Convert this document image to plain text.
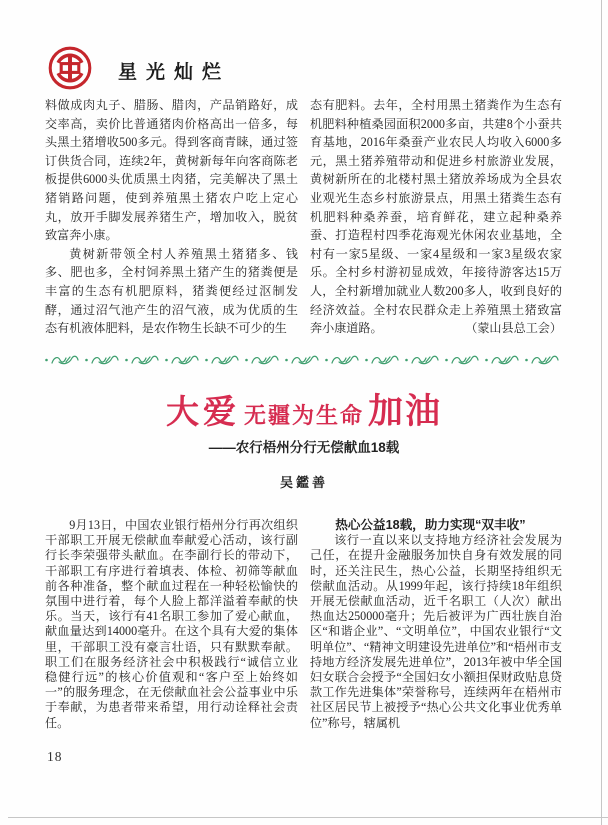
星光灿烂

料做成肉丸子、腊肠、腊肉，产品销路好，成交率高，卖价比普通猪肉价格高出一倍多，每头黑土猪增收500多元。得到客商青睐，通过签订供货合同，连续2年，黄树新每年向客商陈老板提供6000头优质黑土肉猪，完美解决了黑土猪销路问题，使到养殖黑土猪农户吃上定心丸，放开手脚发展养猪生产，增加收入，脱贫致富奔小康。

黄树新带领全村人养殖黑土猪猪多、钱多、肥也多，全村饲养黑土猪产生的猪粪便是丰富的生态有机肥原料，猪粪便经过沤制发酵，通过沼气池产生的沼气液，成为优质的生态有机液体肥料，是农作物生长缺不可少的生

态有肥料。去年，全村用黑土猪粪作为生态有机肥料种植桑园面积2000多亩，共建8个小蚕共育基地，2016年桑蚕产业农民人均收入6000多元，黑土猪养殖带动和促进乡村旅游业发展，黄树新所在的北楼村黑土猪放养场成为全县农业观光生态乡村旅游景点，用黑土猪粪生态有机肥料种桑养蚕，培育鲜花，建立起种桑养蚕、打造程村四季花海观光休闲农业基地，全村有一家5星级、一家4星级和一家3星级农家乐。全村乡村游初显成效，年接待游客达15万人，全村新增加就业人数200多人，收到良好的经济效益。全村农民群众走上养殖黑土猪致富奔小康道路。	（蒙山县总工会）

大爱 无疆为生命 加油
——农行梧州分行无偿献血18载
吴鑑善

9月13日，中国农业银行梧州分行再次组织干部职工开展无偿献血奉献爱心活动，该行副行长李荣强带头献血。在李副行长的带动下，干部职工有序进行着填表、体检、初筛等献血前各种准备，整个献血过程在一种轻松愉快的氛围中进行着，每个人脸上都洋溢着奉献的快乐。当天，该行有41名职工参加了爱心献血，献血量达到14000毫升。在这个具有大爱的集体里，干部职工没有豪言壮语，只有默默奉献。职工们在服务经济社会中积极践行“诚信立业　稳健行远”的核心价值观和“客户至上始终如一”的服务理念，在无偿献血社会公益事业中乐于奉献，为患者带来希望，用行动诠释社会责任。

热心公益18载，助力实现“双丰收”

该行一直以来以支持地方经济社会发展为己任，在提升金融服务加快自身有效发展的同时，还关注民生，热心公益，长期坚持组织无偿献血活动。从1999年起，该行持续18年组织开展无偿献血活动，近千名职工（人次）献出热血达250000毫升；先后被评为广西壮族自治区“和谐企业”、“文明单位”，中国农业银行“文明单位”、“精神文明建设先进单位”和“梧州市支持地方经济发展先进单位”，2013年被中华全国妇女联合会授予“全国妇女小额担保财政贴息贷款工作先进集体”荣誉称号，连续两年在梧州市社区居民节上被授予“热心公共文化事业优秀单位”称号，辖属机

18
